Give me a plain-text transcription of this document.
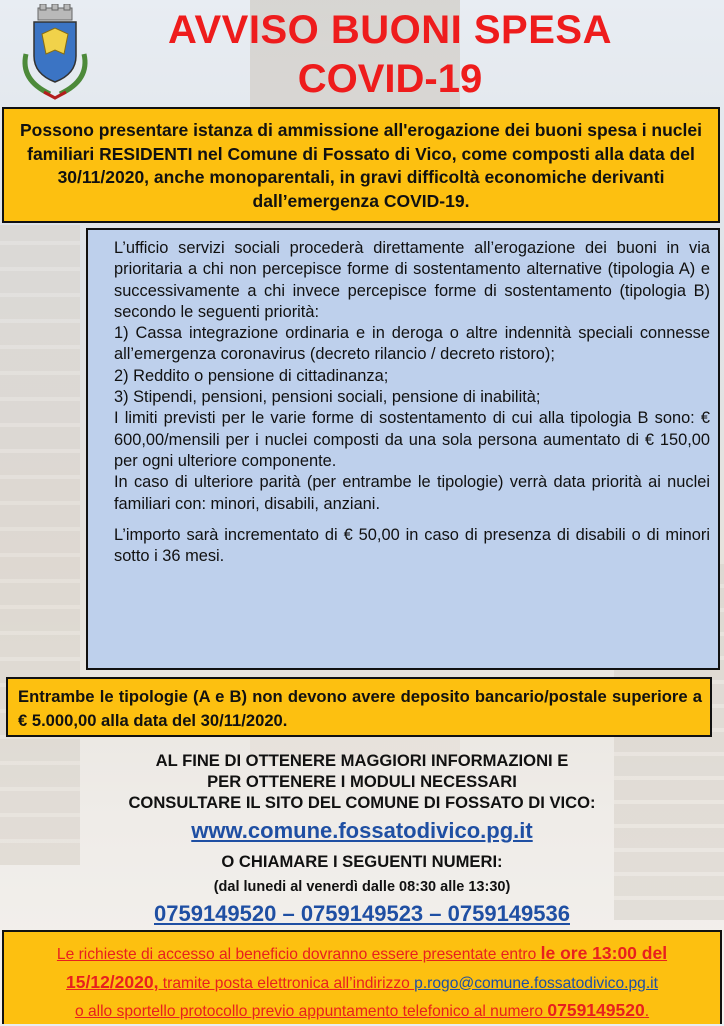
AVVISO BUONI SPESA
COVID-19
Possono presentare istanza di ammissione all'erogazione dei buoni spesa i nuclei familiari RESIDENTI nel Comune di Fossato di Vico, come composti alla data del 30/11/2020, anche monoparentali, in gravi difficoltà economiche derivanti dall’emergenza COVID-19.

L’ufficio servizi sociali procederà direttamente all’erogazione dei buoni in via prioritaria a chi non percepisce forme di sostentamento alternative (tipologia A) e successivamente a chi invece percepisce forme di sostentamento (tipologia B) secondo le seguenti priorità:

1) Cassa integrazione ordinaria e in deroga o altre indennità speciali connesse all’emergenza coronavirus (decreto rilancio / decreto ristoro);

2) Reddito o pensione di cittadinanza;

3) Stipendi, pensioni, pensioni sociali, pensione di inabilità;

I limiti previsti per le varie forme di sostentamento di cui alla tipologia B sono: € 600,00/mensili per i nuclei composti da una sola persona aumentato di € 150,00 per ogni ulteriore componente.

In caso di ulteriore parità (per entrambe le tipologie) verrà data priorità ai nuclei familiari con: minori, disabili, anziani.

L’importo sarà incrementato di € 50,00 in caso di presenza di disabili o di minori sotto i 36 mesi.

Entrambe le tipologie (A e B) non devono avere deposito bancario/postale superiore a € 5.000,00 alla data del 30/11/2020.
AL FINE DI OTTENERE MAGGIORI INFORMAZIONI E
PER OTTENERE I MODULI NECESSARI
CONSULTARE IL SITO DEL COMUNE DI FOSSATO DI VICO:
www.comune.fossatodivico.pg.it
O CHIAMARE I SEGUENTI NUMERI:
(dal lunedi al venerdì dalle 08:30 alle 13:30)
0759149520 – 0759149523 – 0759149536
Le richieste di accesso al beneficio dovranno essere presentate entro le ore 13:00 del 15/12/2020, tramite posta elettronica all’indirizzo p.rogo@comune.fossatodivico.pg.it
o allo sportello protocollo previo appuntamento telefonico al numero 0759149520.
